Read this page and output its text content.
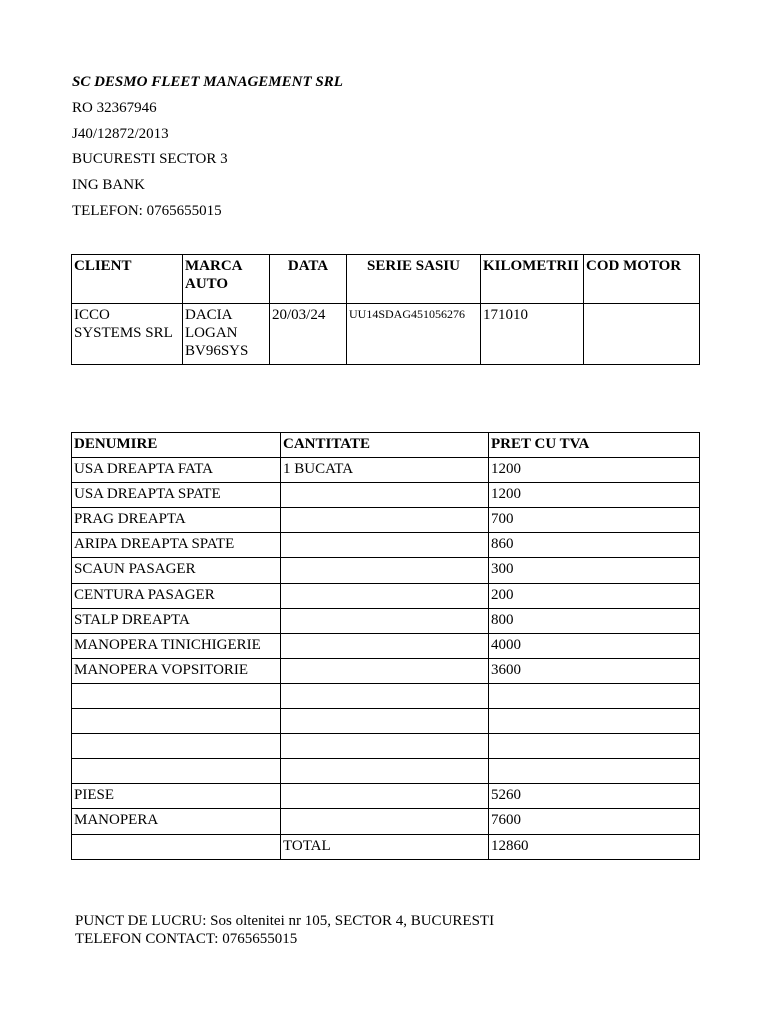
SC DESMO FLEET MANAGEMENT SRL
RO 32367946
J40/12872/2013
BUCURESTI SECTOR 3
ING BANK
TELEFON: 0765655015
CLIENT	MARCA AUTO	DATA	SERIE SASIU	KILOMETRII	COD MOTOR
ICCO SYSTEMS SRL	DACIA LOGAN BV96SYS	20/03/24	UU14SDAG451056276	171010	
DENUMIRE	CANTITATE	PRET CU TVA
USA DREAPTA FATA	1 BUCATA	1200
USA DREAPTA SPATE		1200
PRAG DREAPTA		700
ARIPA DREAPTA SPATE		860
SCAUN PASAGER		300
CENTURA PASAGER		200
STALP DREAPTA		800
MANOPERA TINICHIGERIE		4000
MANOPERA VOPSITORIE		3600

PIESE		5260
MANOPERA		7600
	TOTAL	12860
PUNCT DE LUCRU: Sos oltenitei nr 105, SECTOR 4, BUCURESTI
TELEFON CONTACT: 0765655015
